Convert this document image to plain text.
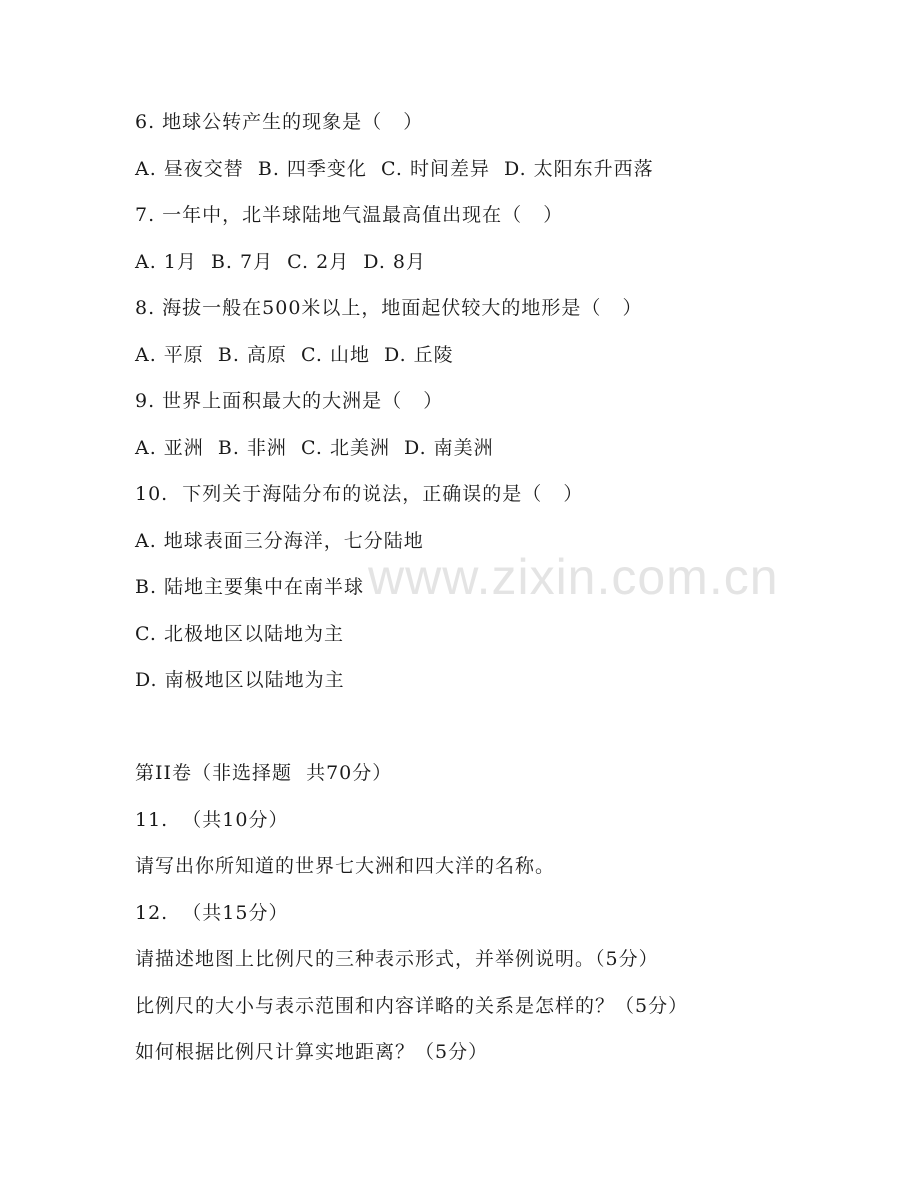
6. 地球公转产生的现象是（   ）
A. 昼夜交替  B. 四季变化  C. 时间差异  D. 太阳东升西落
7. 一年中，北半球陆地气温最高值出现在（   ）
A. 1月  B. 7月  C. 2月  D. 8月
8. 海拔一般在500米以上，地面起伏较大的地形是（   ）
A. 平原  B. 高原  C. 山地  D. 丘陵
9. 世界上面积最大的大洲是（   ）
A. 亚洲  B. 非洲  C. 北美洲  D. 南美洲
10.  下列关于海陆分布的说法，正确误的是（   ）
A. 地球表面三分海洋，七分陆地
B. 陆地主要集中在南半球
C. 北极地区以陆地为主
D. 南极地区以陆地为主
第II卷（非选择题  共70分）
11.  （共10分）
请写出你所知道的世界七大洲和四大洋的名称。
12.  （共15分）
请描述地图上比例尺的三种表示形式，并举例说明。（5分）
比例尺的大小与表示范围和内容详略的关系是怎样的？（5分）
如何根据比例尺计算实地距离？（5分）
www.zixin.com.cn
